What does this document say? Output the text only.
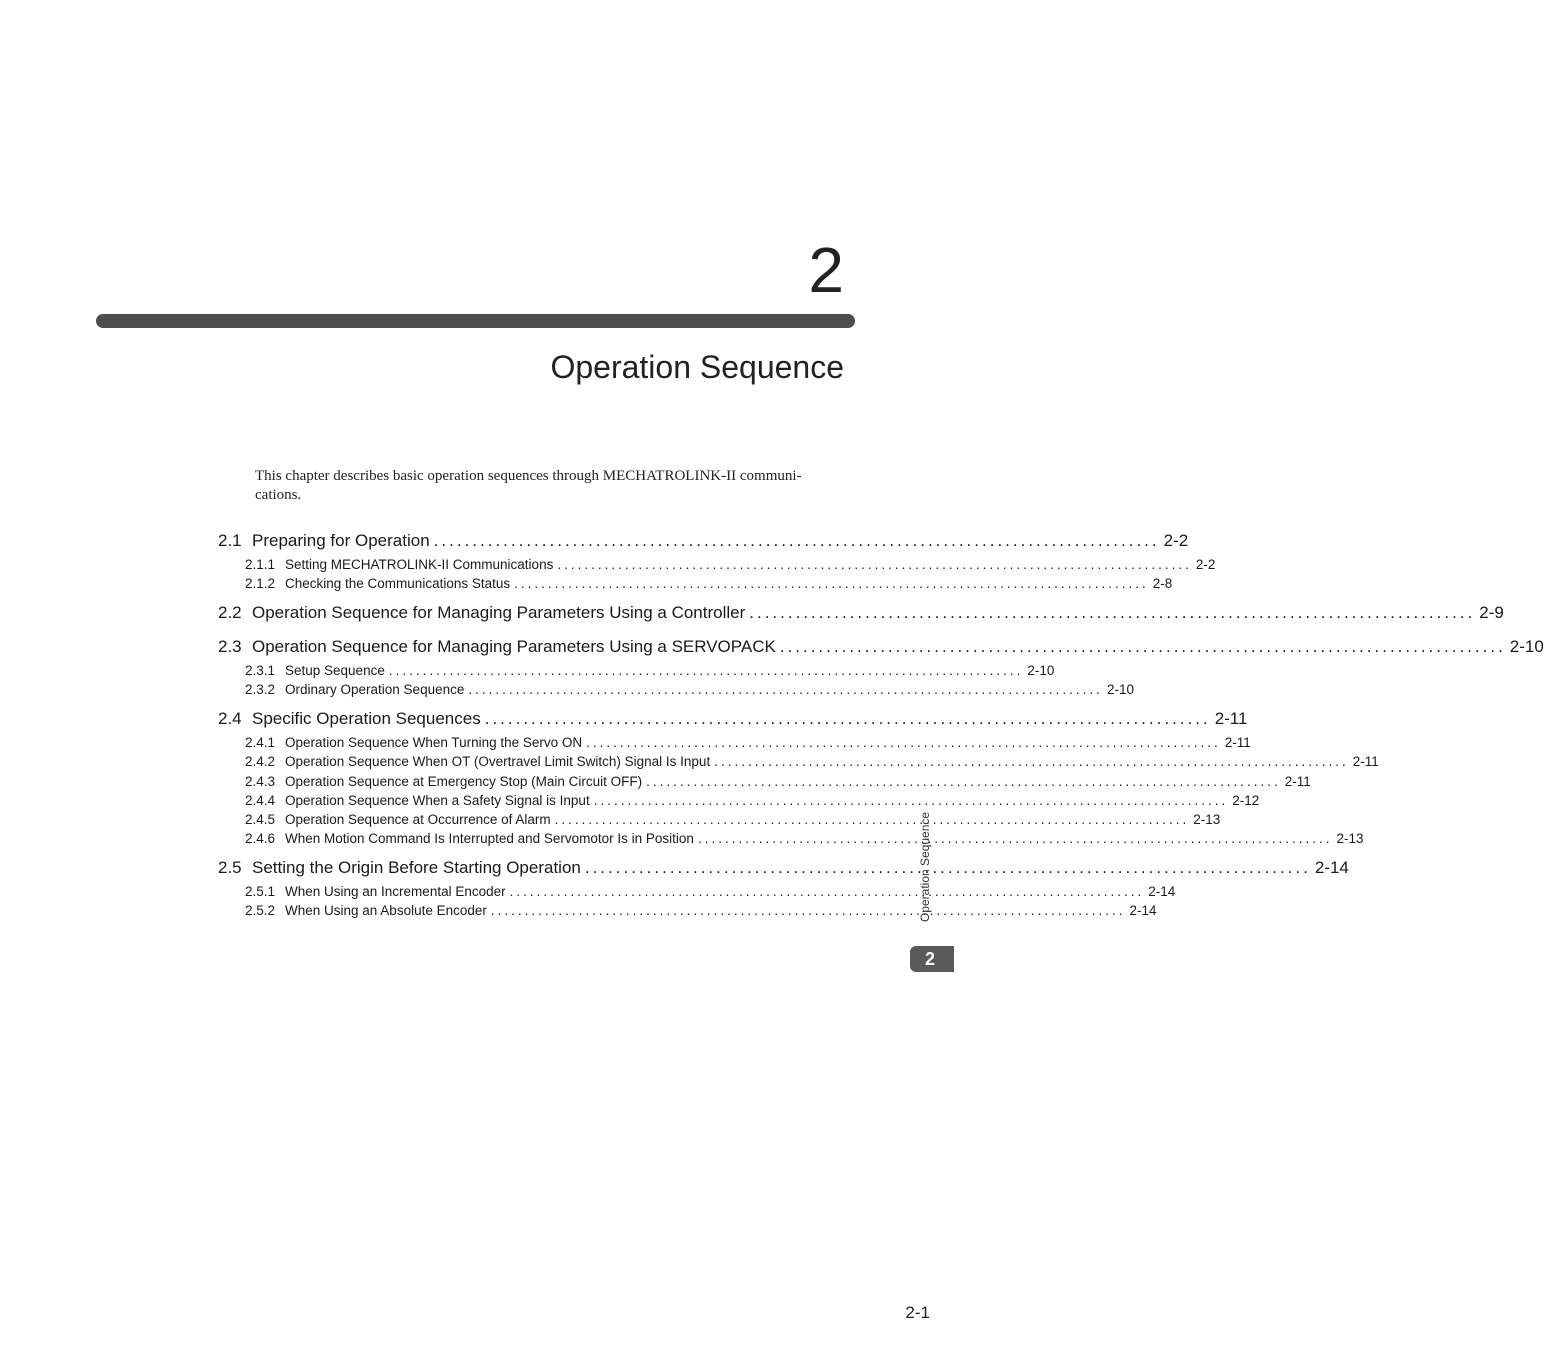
2
Operation Sequence
This chapter describes basic operation sequences through MECHATROLINK-II communi-cations.
2.1 Preparing for Operation .............................................................................................. 2-2
2.1.1 Setting MECHATROLINK-II Communications .............................................................................................. 2-2
2.1.2 Checking the Communications Status .............................................................................................. 2-8
2.2 Operation Sequence for Managing Parameters Using a Controller .............................................................................................. 2-9
2.3 Operation Sequence for Managing Parameters Using a SERVOPACK .............................................................................................. 2-10
2.3.1 Setup Sequence .............................................................................................. 2-10
2.3.2 Ordinary Operation Sequence .............................................................................................. 2-10
2.4 Specific Operation Sequences .............................................................................................. 2-11
2.4.1 Operation Sequence When Turning the Servo ON .............................................................................................. 2-11
2.4.2 Operation Sequence When OT (Overtravel Limit Switch) Signal Is Input .............................................................................................. 2-11
2.4.3 Operation Sequence at Emergency Stop (Main Circuit OFF) .............................................................................................. 2-11
2.4.4 Operation Sequence When a Safety Signal is Input .............................................................................................. 2-12
2.4.5 Operation Sequence at Occurrence of Alarm .............................................................................................. 2-13
2.4.6 When Motion Command Is Interrupted and Servomotor Is in Position .............................................................................................. 2-13
2.5 Setting the Origin Before Starting Operation .............................................................................................. 2-14
2.5.1 When Using an Incremental Encoder .............................................................................................. 2-14
2.5.2 When Using an Absolute Encoder .............................................................................................. 2-14
Operation Sequence
2
2-1
